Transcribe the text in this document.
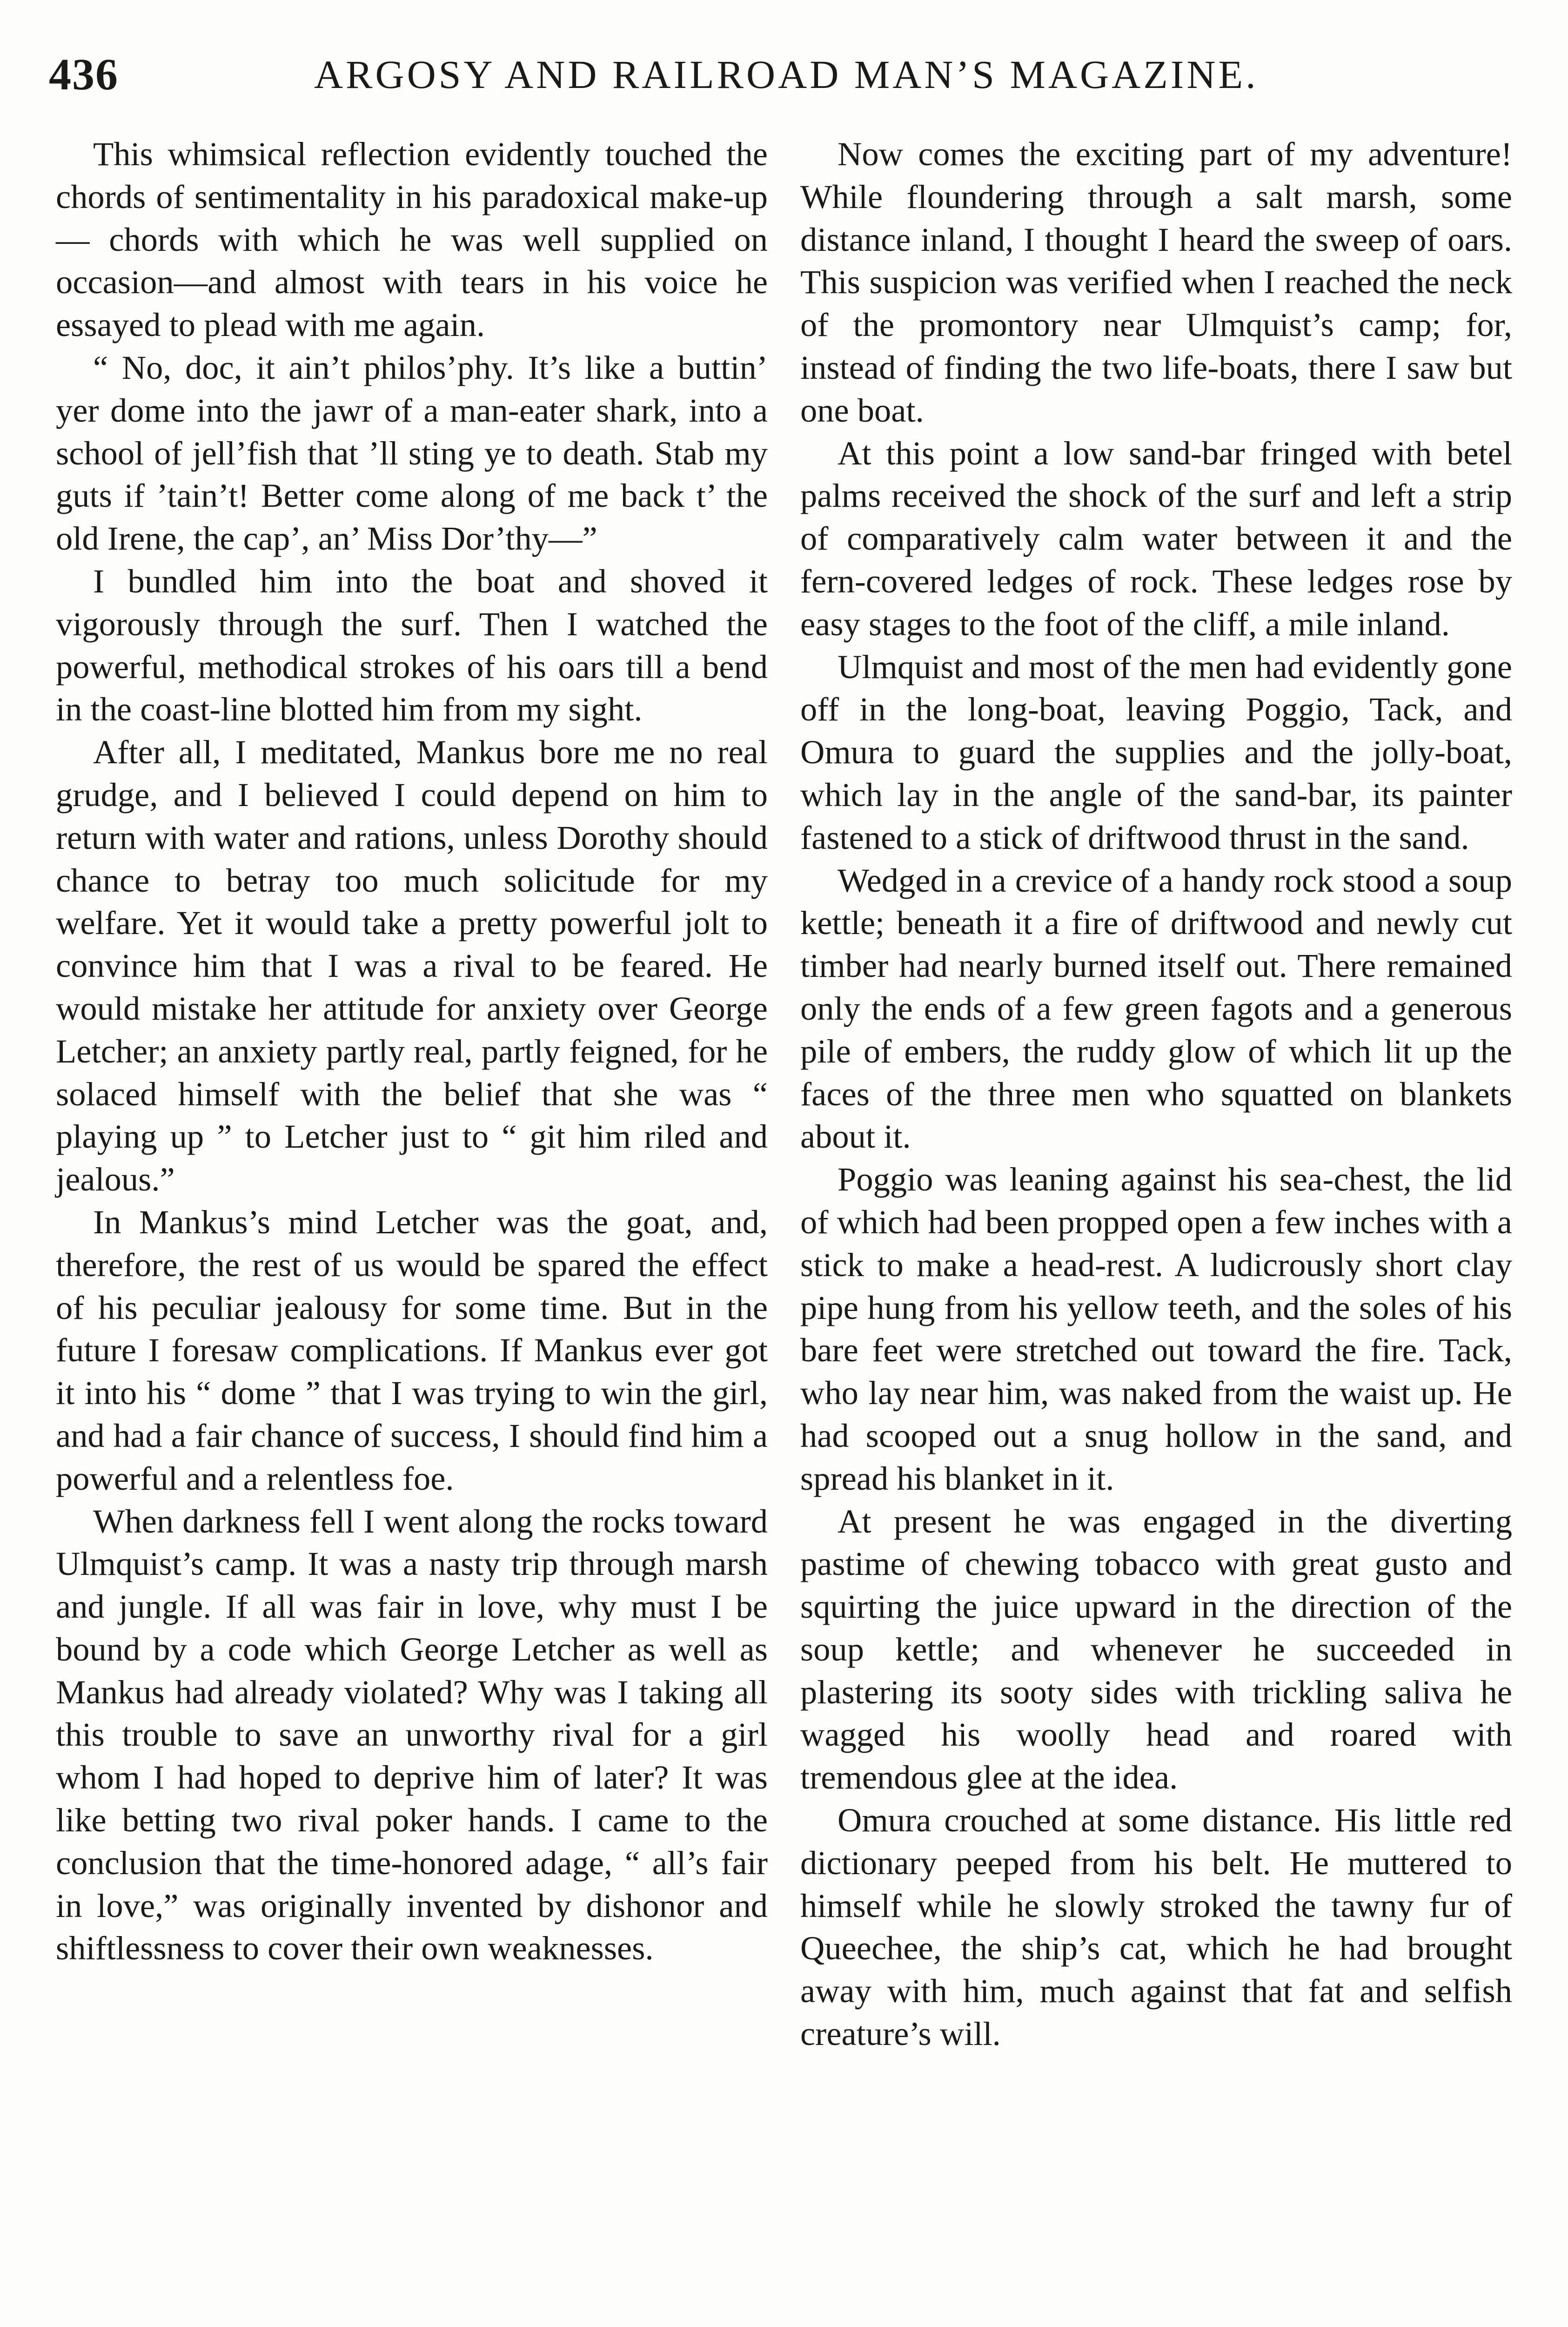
436	ARGOSY AND RAILROAD MAN’S MAGAZINE.

This whimsical reflection evidently touched the chords of sentimentality in his paradoxical make-up — chords with which he was well supplied on occasion—and almost with tears in his voice he essayed to plead with me again.

“ No, doc, it ain’t philos’phy. It’s like a buttin’ yer dome into the jawr of a man-eater shark, into a school of jell’fish that ’ll sting ye to death. Stab my guts if ’tain’t! Better come along of me back t’ the old Irene, the cap’, an’ Miss Dor’thy—”

I bundled him into the boat and shoved it vigorously through the surf. Then I watched the powerful, methodical strokes of his oars till a bend in the coast-line blotted him from my sight.

After all, I meditated, Mankus bore me no real grudge, and I believed I could depend on him to return with water and rations, unless Dorothy should chance to betray too much solicitude for my welfare. Yet it would take a pretty powerful jolt to convince him that I was a rival to be feared. He would mistake her attitude for anxiety over George Letcher; an anxiety partly real, partly feigned, for he solaced himself with the belief that she was “ playing up ” to Letcher just to “ git him riled and jealous.”

In Mankus’s mind Letcher was the goat, and, therefore, the rest of us would be spared the effect of his peculiar jealousy for some time. But in the future I foresaw complications. If Mankus ever got it into his “ dome ” that I was trying to win the girl, and had a fair chance of success, I should find him a powerful and a relentless foe.

When darkness fell I went along the rocks toward Ulmquist’s camp. It was a nasty trip through marsh and jungle. If all was fair in love, why must I be bound by a code which George Letcher as well as Mankus had already violated? Why was I taking all this trouble to save an unworthy rival for a girl whom I had hoped to deprive him of later? It was like betting two rival poker hands. I came to the conclusion that the time-honored adage, “ all’s fair in love,” was originally invented by dishonor and shiftlessness to cover their own weaknesses.

Now comes the exciting part of my adventure! While floundering through a salt marsh, some distance inland, I thought I heard the sweep of oars. This suspicion was verified when I reached the neck of the promontory near Ulmquist’s camp; for, instead of finding the two life-boats, there I saw but one boat.

At this point a low sand-bar fringed with betel palms received the shock of the surf and left a strip of comparatively calm water between it and the fern-covered ledges of rock. These ledges rose by easy stages to the foot of the cliff, a mile inland.

Ulmquist and most of the men had evidently gone off in the long-boat, leaving Poggio, Tack, and Omura to guard the supplies and the jolly-boat, which lay in the angle of the sand-bar, its painter fastened to a stick of driftwood thrust in the sand.

Wedged in a crevice of a handy rock stood a soup kettle; beneath it a fire of driftwood and newly cut timber had nearly burned itself out. There remained only the ends of a few green fagots and a generous pile of embers, the ruddy glow of which lit up the faces of the three men who squatted on blankets about it.

Poggio was leaning against his sea-chest, the lid of which had been propped open a few inches with a stick to make a head-rest. A ludicrously short clay pipe hung from his yellow teeth, and the soles of his bare feet were stretched out toward the fire. Tack, who lay near him, was naked from the waist up. He had scooped out a snug hollow in the sand, and spread his blanket in it.

At present he was engaged in the diverting pastime of chewing tobacco with great gusto and squirting the juice upward in the direction of the soup kettle; and whenever he succeeded in plastering its sooty sides with trickling saliva he wagged his woolly head and roared with tremendous glee at the idea.

Omura crouched at some distance. His little red dictionary peeped from his belt. He muttered to himself while he slowly stroked the tawny fur of Queechee, the ship’s cat, which he had brought away with him, much against that fat and selfish creature’s will.
